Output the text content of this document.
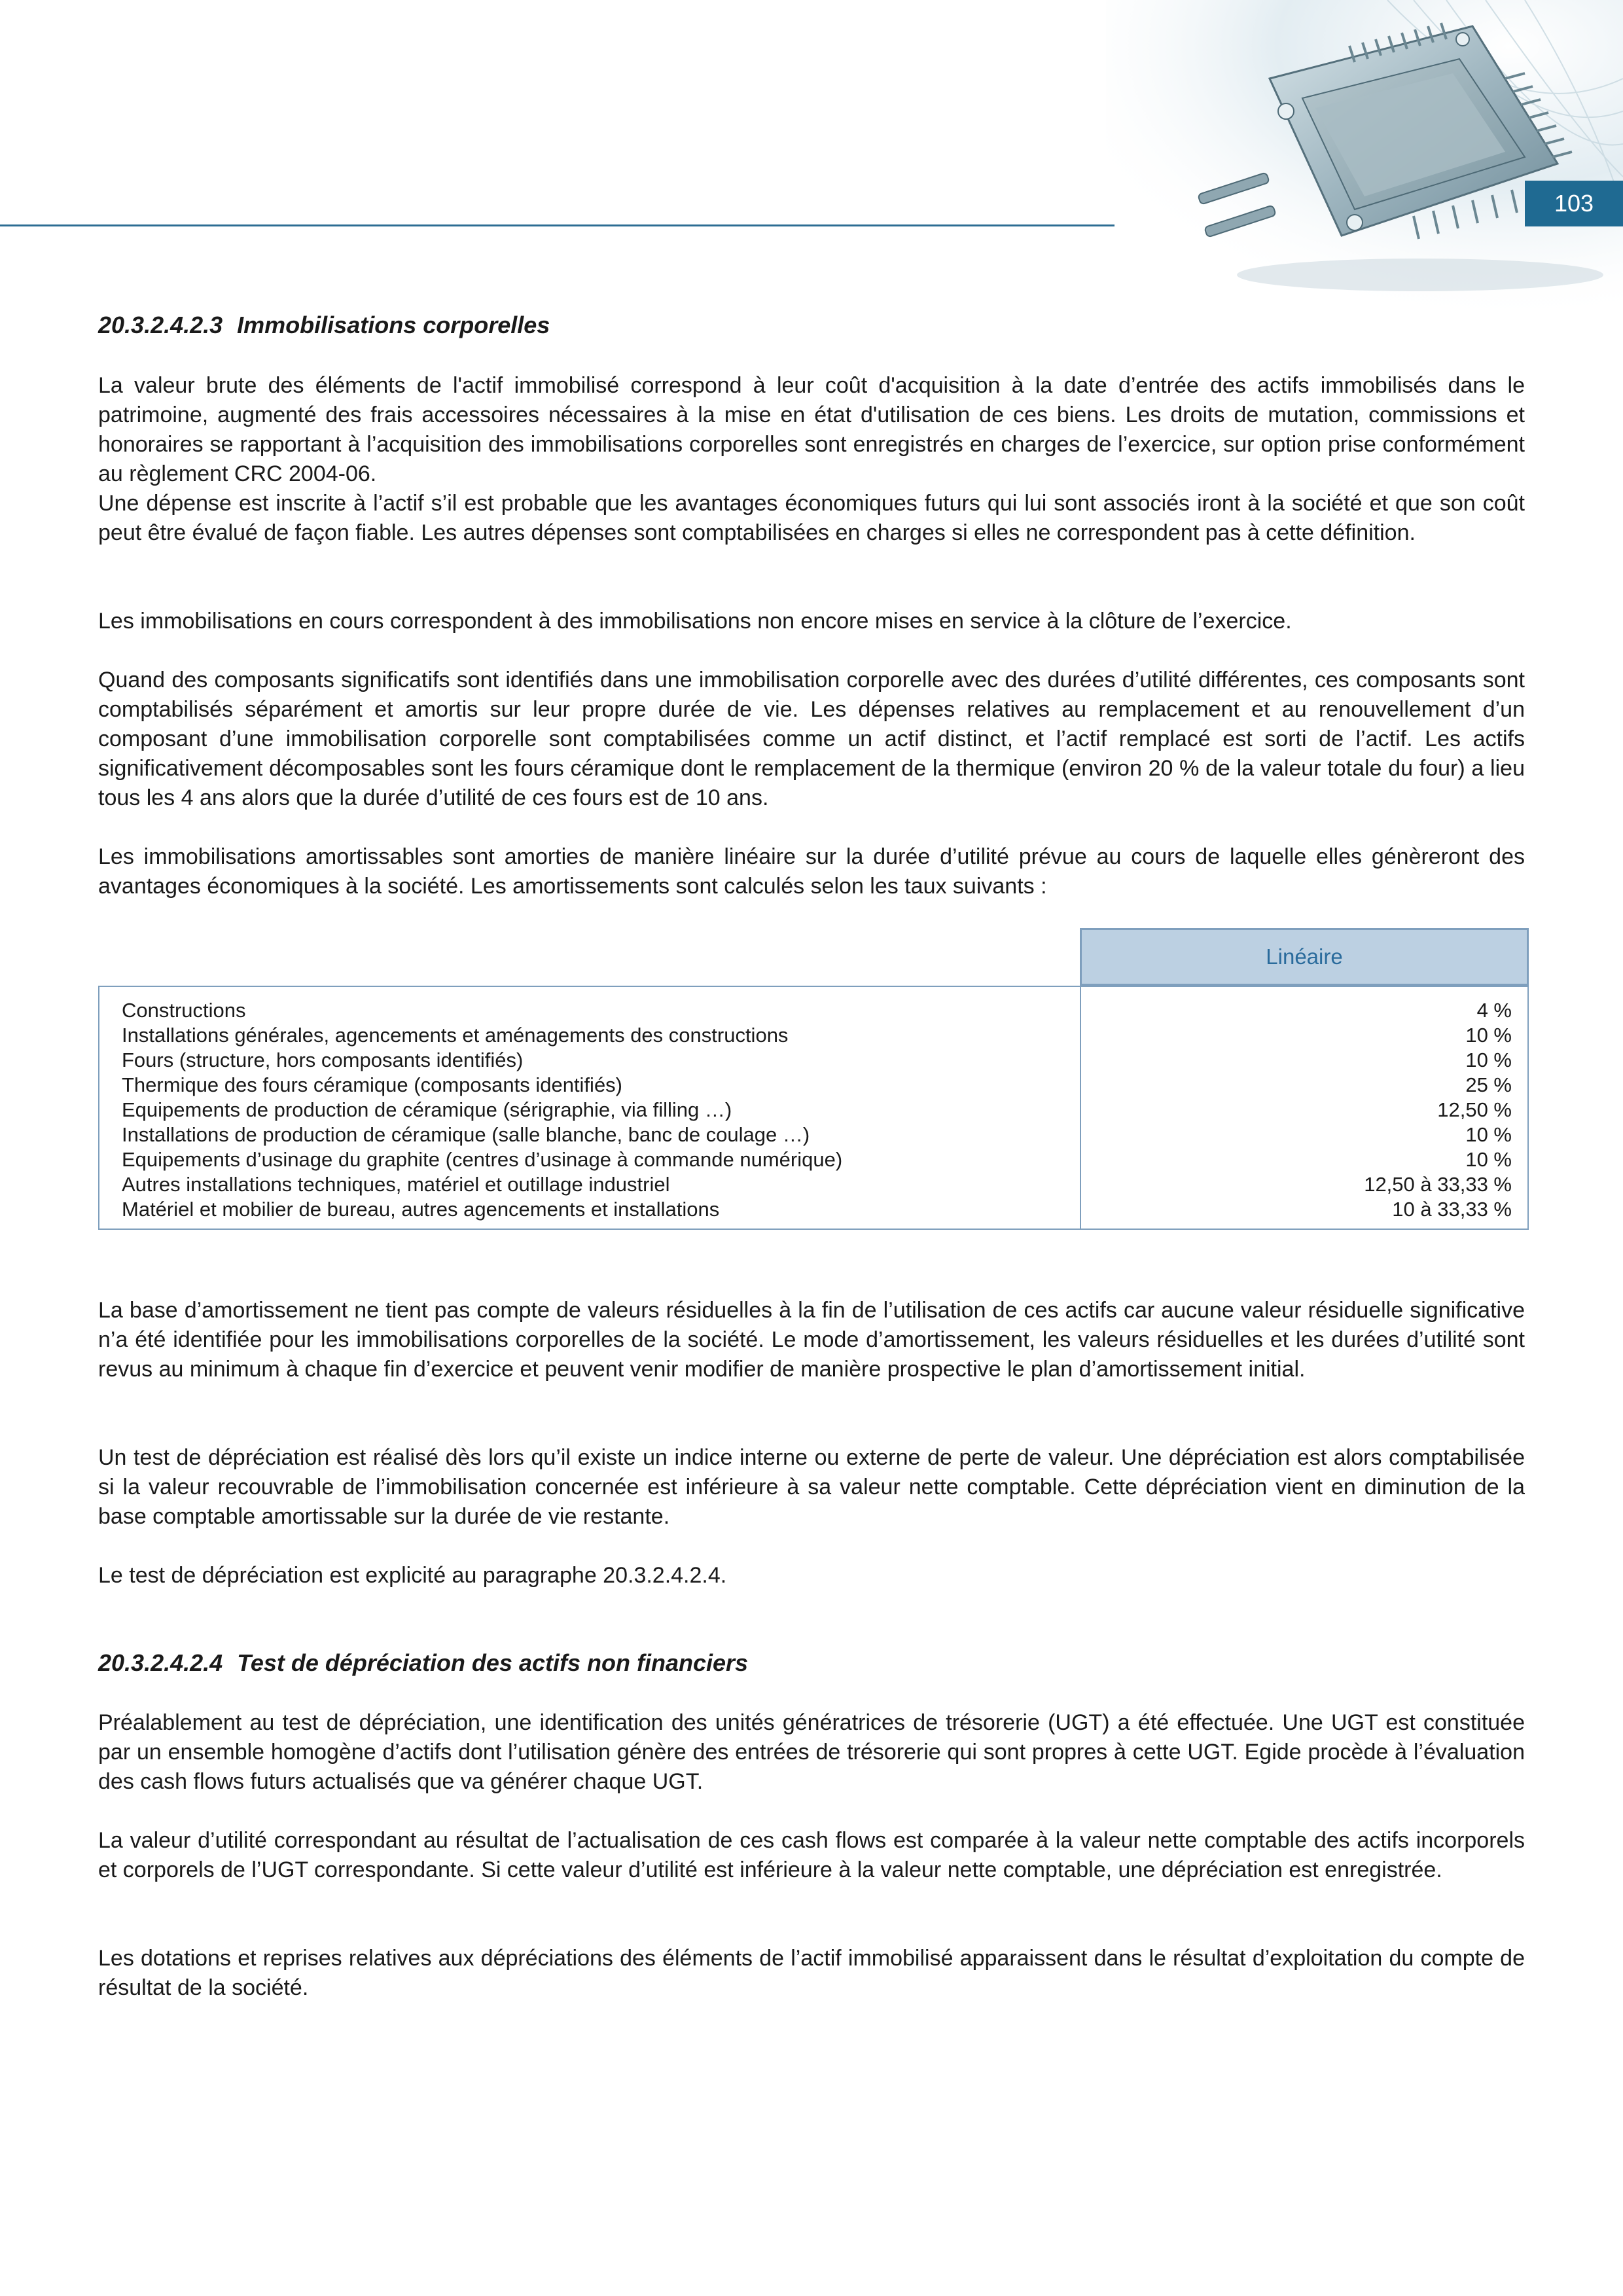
103
20.3.2.4.2.3 Immobilisations corporelles
La valeur brute des éléments de l'actif immobilisé correspond à leur coût d'acquisition à la date d’entrée des actifs immobilisés dans le patrimoine, augmenté des frais accessoires nécessaires à la mise en état d'utilisation de ces biens. Les droits de mutation, commissions et honoraires se rapportant à l’acquisition des immobilisations corporelles sont enregistrés en charges de l’exercice, sur option prise conformément au règlement CRC 2004-06.
Une dépense est inscrite à l’actif s’il est probable que les avantages économiques futurs qui lui sont associés iront à la société et que son coût peut être évalué de façon fiable. Les autres dépenses sont comptabilisées en charges si elles ne correspondent pas à cette définition.
Les immobilisations en cours correspondent à des immobilisations non encore mises en service à la clôture de l’exercice.
Quand des composants significatifs sont identifiés dans une immobilisation corporelle avec des durées d’utilité différentes, ces composants sont comptabilisés séparément et amortis sur leur propre durée de vie. Les dépenses relatives au remplacement et au renouvellement d’un composant d’une immobilisation corporelle sont comptabilisées comme un actif distinct, et l’actif remplacé est sorti de l’actif. Les actifs significativement décomposables sont les fours céramique dont le remplacement de la thermique (environ 20 % de la valeur totale du four) a lieu tous les 4 ans alors que la durée d’utilité de ces fours est de 10 ans.
Les immobilisations amortissables sont amorties de manière linéaire sur la durée d’utilité prévue au cours de laquelle elles génèreront des avantages économiques à la société. Les amortissements sont calculés selon les taux suivants :
Linéaire
Constructions	4 %
Installations générales, agencements et aménagements des constructions	10 %
Fours (structure, hors composants identifiés)	10 %
Thermique des fours céramique (composants identifiés)	25 %
Equipements de production de céramique (sérigraphie, via filling …)	12,50 %
Installations de production de céramique (salle blanche, banc de coulage …)	10 %
Equipements d’usinage du graphite (centres d’usinage à commande numérique)	10 %
Autres installations techniques, matériel et outillage industriel	12,50 à 33,33 %
Matériel et mobilier de bureau, autres agencements et installations	10 à 33,33 %
La base d’amortissement ne tient pas compte de valeurs résiduelles à la fin de l’utilisation de ces actifs car aucune valeur résiduelle significative n’a été identifiée pour les immobilisations corporelles de la société. Le mode d’amortissement, les valeurs résiduelles et les durées d’utilité sont revus au minimum à chaque fin d’exercice et peuvent venir modifier de manière prospective le plan d’amortissement initial.
Un test de dépréciation est réalisé dès lors qu’il existe un indice interne ou externe de perte de valeur. Une dépréciation est alors comptabilisée si la valeur recouvrable de l’immobilisation concernée est inférieure à sa valeur nette comptable. Cette dépréciation vient en diminution de la base comptable amortissable sur la durée de vie restante.
Le test de dépréciation est explicité au paragraphe 20.3.2.4.2.4.
20.3.2.4.2.4 Test de dépréciation des actifs non financiers
Préalablement au test de dépréciation, une identification des unités génératrices de trésorerie (UGT) a été effectuée. Une UGT est constituée par un ensemble homogène d’actifs dont l’utilisation génère des entrées de trésorerie qui sont propres à cette UGT. Egide procède à l’évaluation des cash flows futurs actualisés que va générer chaque UGT.
La valeur d’utilité correspondant au résultat de l’actualisation de ces cash flows est comparée à la valeur nette comptable des actifs incorporels et corporels de l’UGT correspondante. Si cette valeur d’utilité est inférieure à la valeur nette comptable, une dépréciation est enregistrée.
Les dotations et reprises relatives aux dépréciations des éléments de l’actif immobilisé apparaissent dans le résultat d’exploitation du compte de résultat de la société.
